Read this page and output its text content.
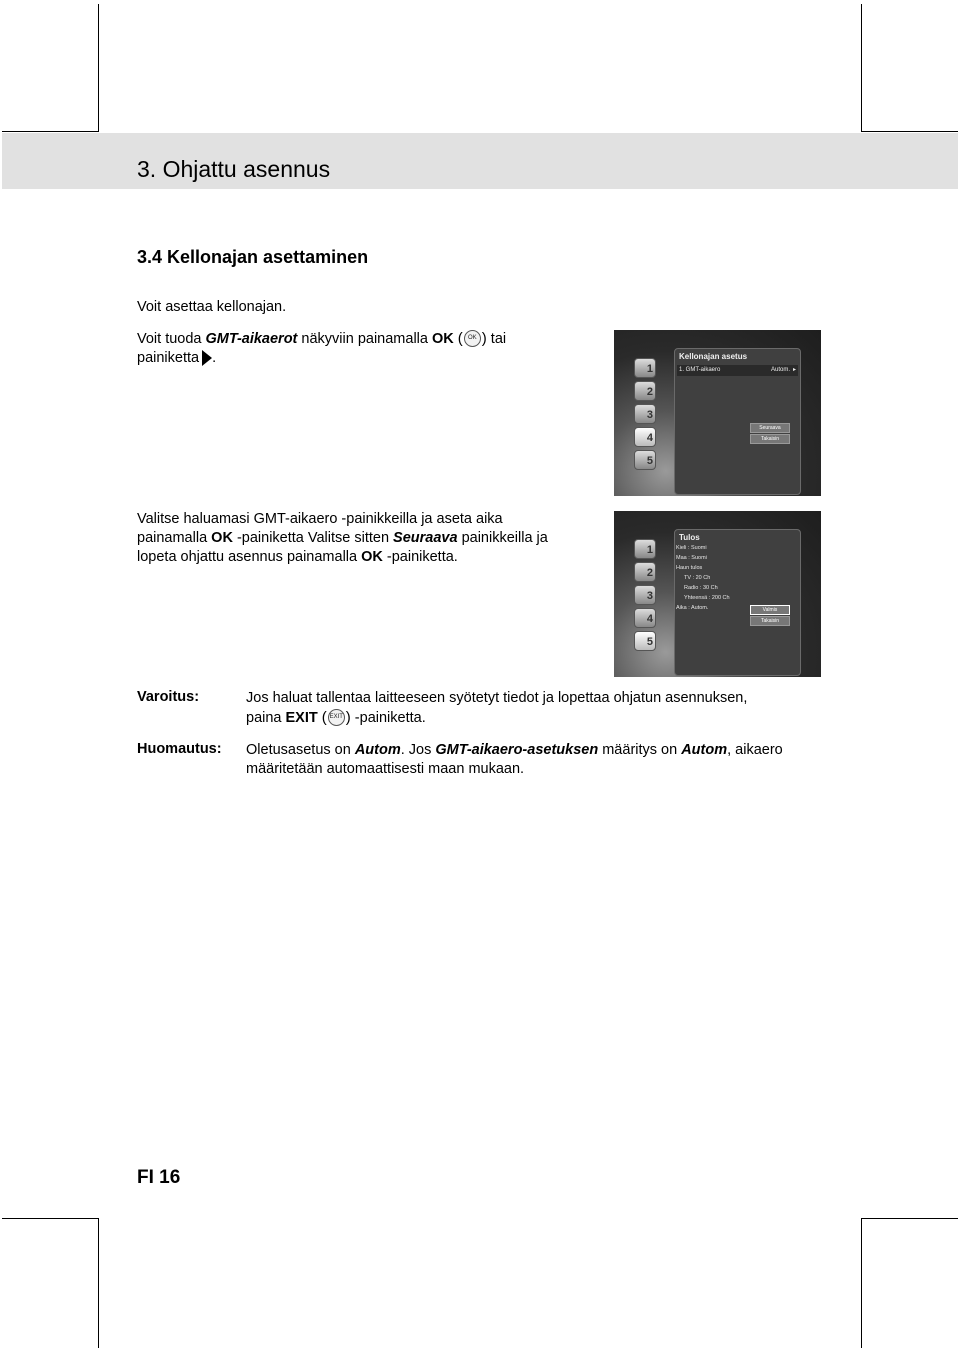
3. Ohjattu asennus
3.4 Kellonajan asettaminen

Voit asettaa kellonajan.

Voit tuoda GMT-aikaerot näkyviin painamalla OK ( OK ) tai
painiketta .
1
2
3
4
5
Kellonajan asetus
1. GMT-aikaero	Autom. ▸
Seuraava
Takaisin
Valitse haluamasi GMT-aikaero -painikkeilla ja aseta aika
painamalla OK -painiketta Valitse sitten Seuraava painikkeilla ja
lopeta ohjattu asennus painamalla OK -painiketta.	1
2
3
4
5
Tulos
Kieli : Suomi
Maa : Suomi
Haun tulos
TV : 20 Ch
Radio : 30 Ch
Yhteensä : 200 Ch
Aika : Autom.	Valmis
Takaisin
Varoitus:	Jos haluat tallentaa laitteeseen syötetyt tiedot ja lopettaa ohjatun asennuksen,
paina EXIT ( EXIT ) -painiketta.
Huomautus: Oletusasetus on Autom. Jos GMT-aikaero-asetuksen määritys on Autom, aikaero
määritetään automaattisesti maan mukaan.
FI 16
